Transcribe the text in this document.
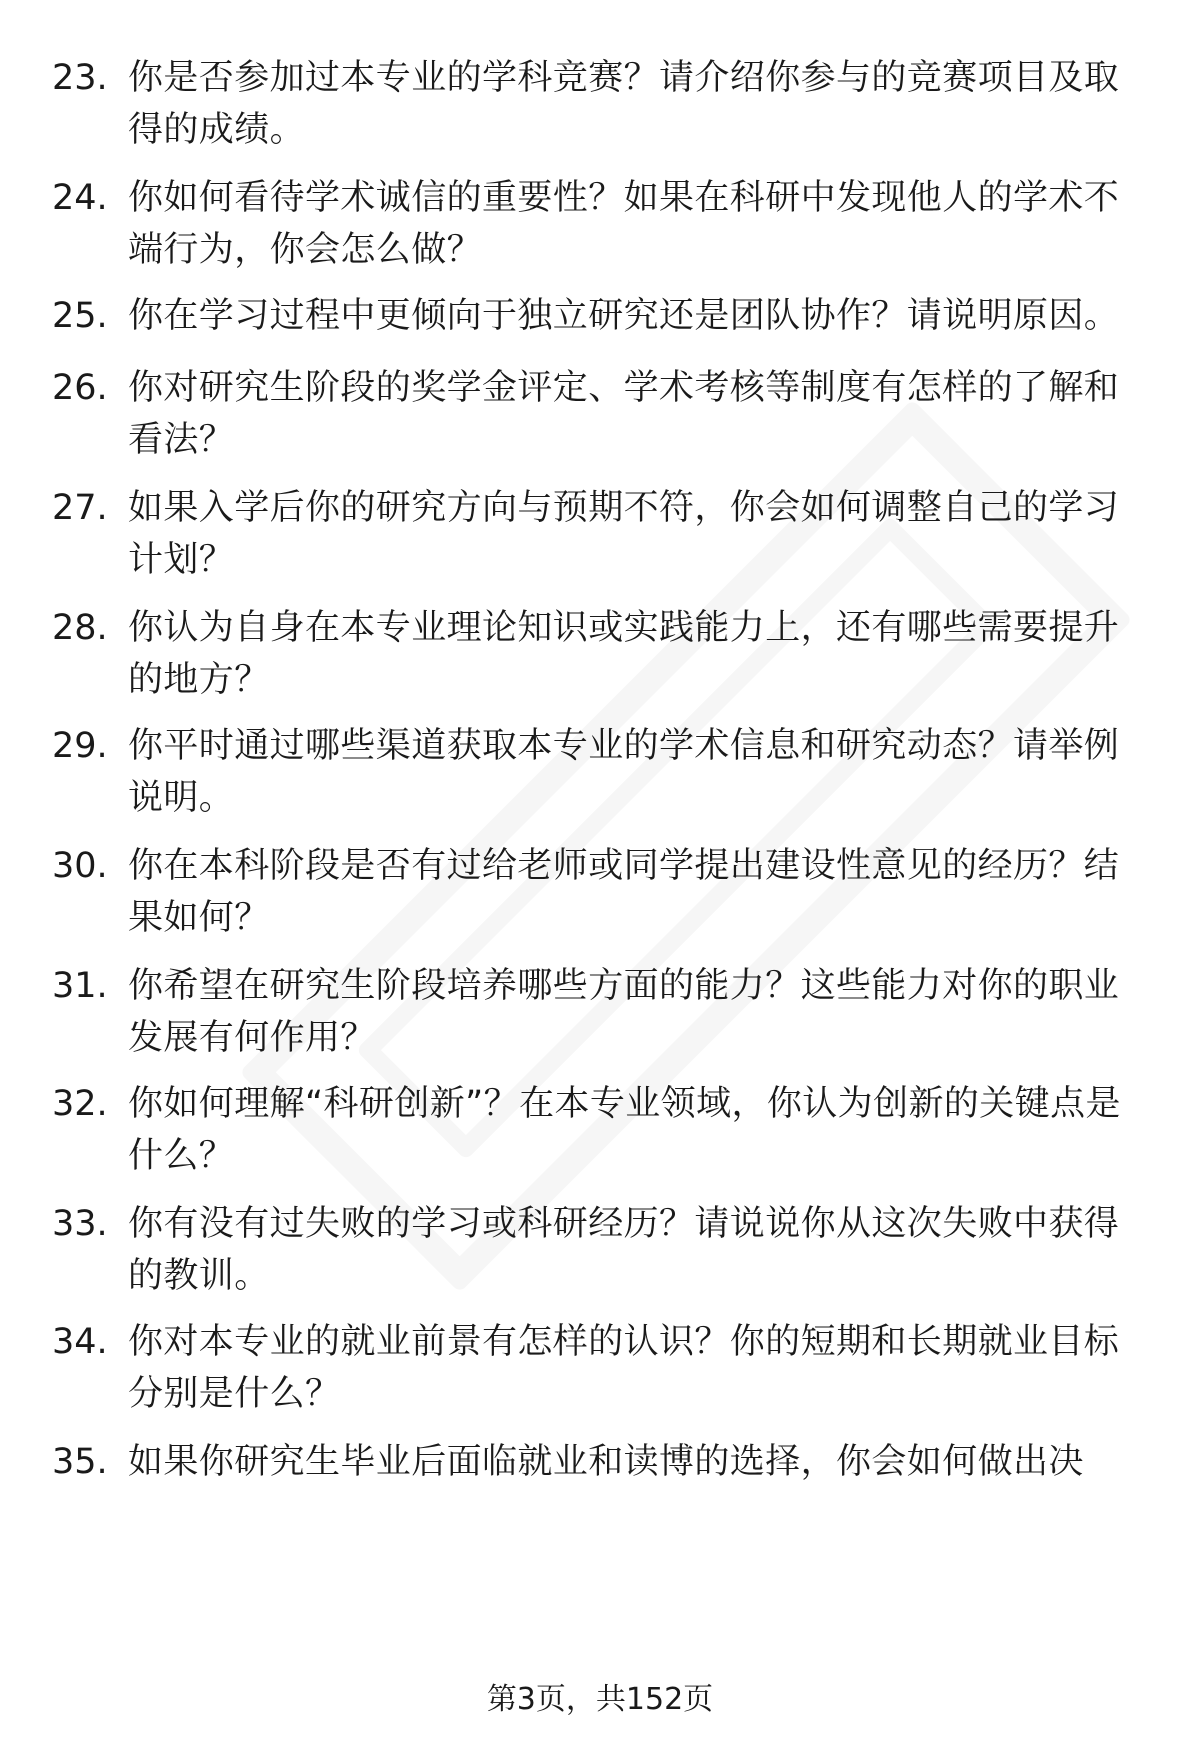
23. 你是否参加过本专业的学科竞赛？请介绍你参与的竞赛项目及取得的成绩。
24. 你如何看待学术诚信的重要性？如果在科研中发现他人的学术不端行为，你会怎么做？
25. 你在学习过程中更倾向于独立研究还是团队协作？请说明原因。
26. 你对研究生阶段的奖学金评定、学术考核等制度有怎样的了解和看法？
27. 如果入学后你的研究方向与预期不符，你会如何调整自己的学习计划？
28. 你认为自身在本专业理论知识或实践能力上，还有哪些需要提升的地方？
29. 你平时通过哪些渠道获取本专业的学术信息和研究动态？请举例说明。
30. 你在本科阶段是否有过给老师或同学提出建设性意见的经历？结果如何？
31. 你希望在研究生阶段培养哪些方面的能力？这些能力对你的职业发展有何作用？
32. 你如何理解“科研创新”？在本专业领域，你认为创新的关键点是什么？
33. 你有没有过失败的学习或科研经历？请说说你从这次失败中获得的教训。
34. 你对本专业的就业前景有怎样的认识？你的短期和长期就业目标分别是什么？
35. 如果你研究生毕业后面临就业和读博的选择，你会如何做出决
第3页，共152页
